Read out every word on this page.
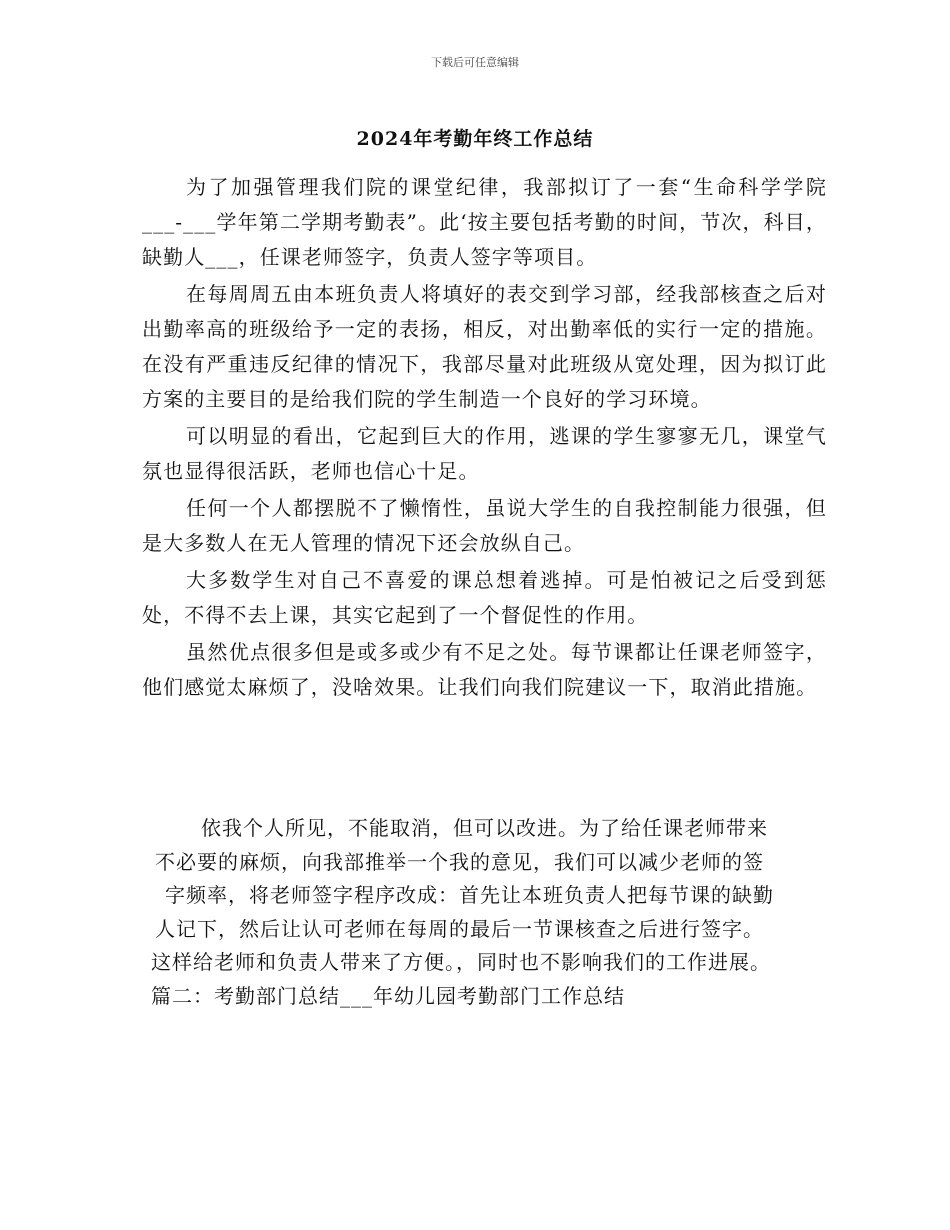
下载后可任意编辑
2024年考勤年终工作总结

为了加强管理我们院的课堂纪律，我部拟订了一套“生命科学学院___-___学年第二学期考勤表”。此‘按主要包括考勤的时间，节次，科目，缺勤人___，任课老师签字，负责人签字等项目。

在每周周五由本班负责人将填好的表交到学习部，经我部核查之后对出勤率高的班级给予一定的表扬，相反，对出勤率低的实行一定的措施。在没有严重违反纪律的情况下，我部尽量对此班级从宽处理，因为拟订此方案的主要目的是给我们院的学生制造一个良好的学习环境。

可以明显的看出，它起到巨大的作用，逃课的学生寥寥无几，课堂气氛也显得很活跃，老师也信心十足。

任何一个人都摆脱不了懒惰性，虽说大学生的自我控制能力很强，但是大多数人在无人管理的情况下还会放纵自己。

大多数学生对自己不喜爱的课总想着逃掉。可是怕被记之后受到惩处，不得不去上课，其实它起到了一个督促性的作用。

虽然优点很多但是或多或少有不足之处。每节课都让任课老师签字，他们感觉太麻烦了，没啥效果。让我们向我们院建议一下，取消此措施。

依我个人所见，不能取消，但可以改进。为了给任课老师带来
不必要的麻烦，向我部推举一个我的意见，我们可以减少老师的签
字频率，将老师签字程序改成：首先让本班负责人把每节课的缺勤
人记下，然后让认可老师在每周的最后一节课核查之后进行签字。
这样给老师和负责人带来了方便。，同时也不影响我们的工作进展。
篇二：考勤部门总结___年幼儿园考勤部门工作总结
